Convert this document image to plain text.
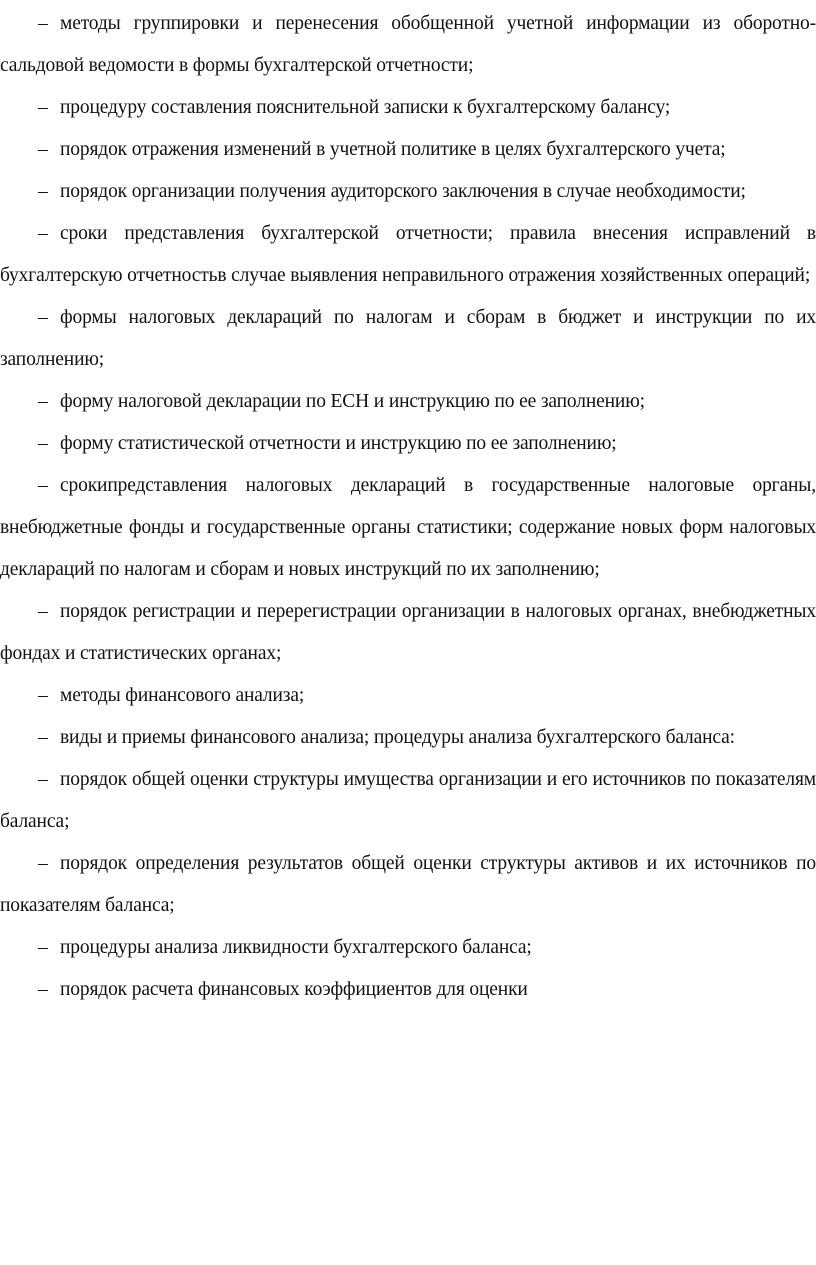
– методы группировки и перенесения обобщенной учетной информации из оборотно-сальдовой ведомости в формы бухгалтерской отчетности;

– процедуру составления пояснительной записки к бухгалтерскому балансу;

– порядок отражения изменений в учетной политике в целях бухгалтерского учета;

– порядок организации получения аудиторского заключения в случае необходимости;

– сроки представления бухгалтерской отчетности; правила внесения исправлений в бухгалтерскую отчетностьв случае выявления неправильного отражения хозяйственных операций;

– формы налоговых деклараций по налогам и сборам в бюджет и инструкции по их заполнению;

– форму налоговой декларации по ЕСН и инструкцию по ее заполнению;

– форму статистической отчетности и инструкцию по ее заполнению;

– срокипредставления налоговых деклараций в государственные налоговые органы, внебюджетные фонды и государственные органы статистики; содержание новых форм налоговых деклараций по налогам и сборам и новых инструкций по их заполнению;

– порядок регистрации и перерегистрации организации в налоговых органах, внебюджетных фондах и статистических органах;

– методы финансового анализа;

– виды и приемы финансового анализа; процедуры анализа бухгалтерского баланса:

– порядок общей оценки структуры имущества организации и его источников по показателям баланса;

– порядок определения результатов общей оценки структуры активов и их источников по показателям баланса;

– процедуры анализа ликвидности бухгалтерского баланса;

– порядок расчета финансовых коэффициентов для оценки
